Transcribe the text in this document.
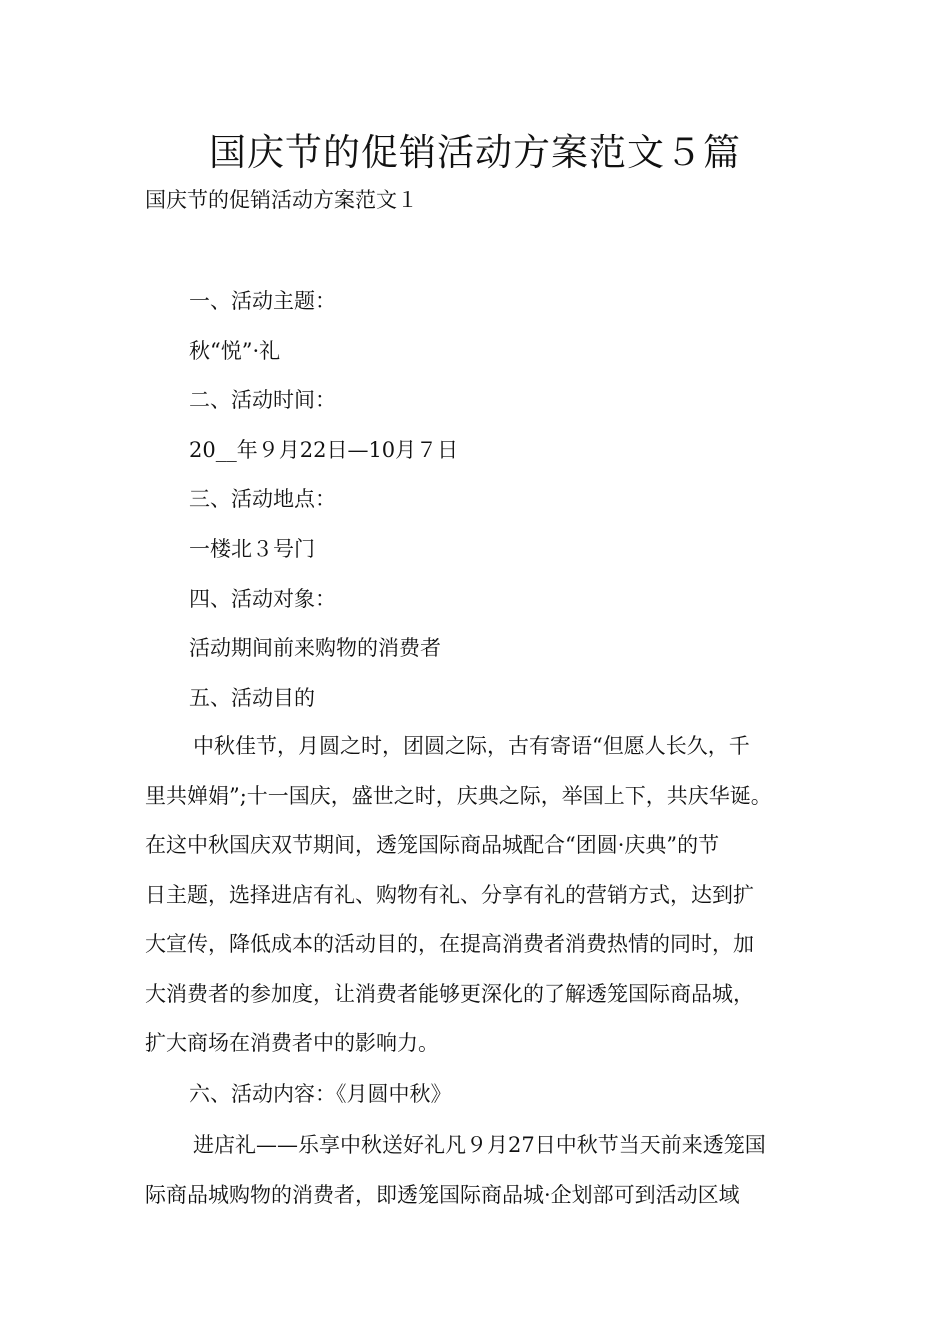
国庆节的促销活动方案范文５篇

国庆节的促销活动方案范文１

一、活动主题：

秋“悦”·礼

二、活动时间：

20__年９月22日—10月７日

三、活动地点：

一楼北３号门

四、活动对象：

活动期间前来购物的消费者

五、活动目的

中秋佳节，月圆之时，团圆之际，古有寄语“但愿人长久，千
里共婵娟”;十一国庆，盛世之时，庆典之际，举国上下，共庆华诞。
在这中秋国庆双节期间，透笼国际商品城配合“团圆·庆典”的节
日主题，选择进店有礼、购物有礼、分享有礼的营销方式，达到扩
大宣传，降低成本的活动目的，在提高消费者消费热情的同时，加
大消费者的参加度，让消费者能够更深化的了解透笼国际商品城，
扩大商场在消费者中的影响力。

六、活动内容：《月圆中秋》

进店礼——乐享中秋送好礼凡９月27日中秋节当天前来透笼国
际商品城购物的消费者，即透笼国际商品城·企划部可到活动区域
